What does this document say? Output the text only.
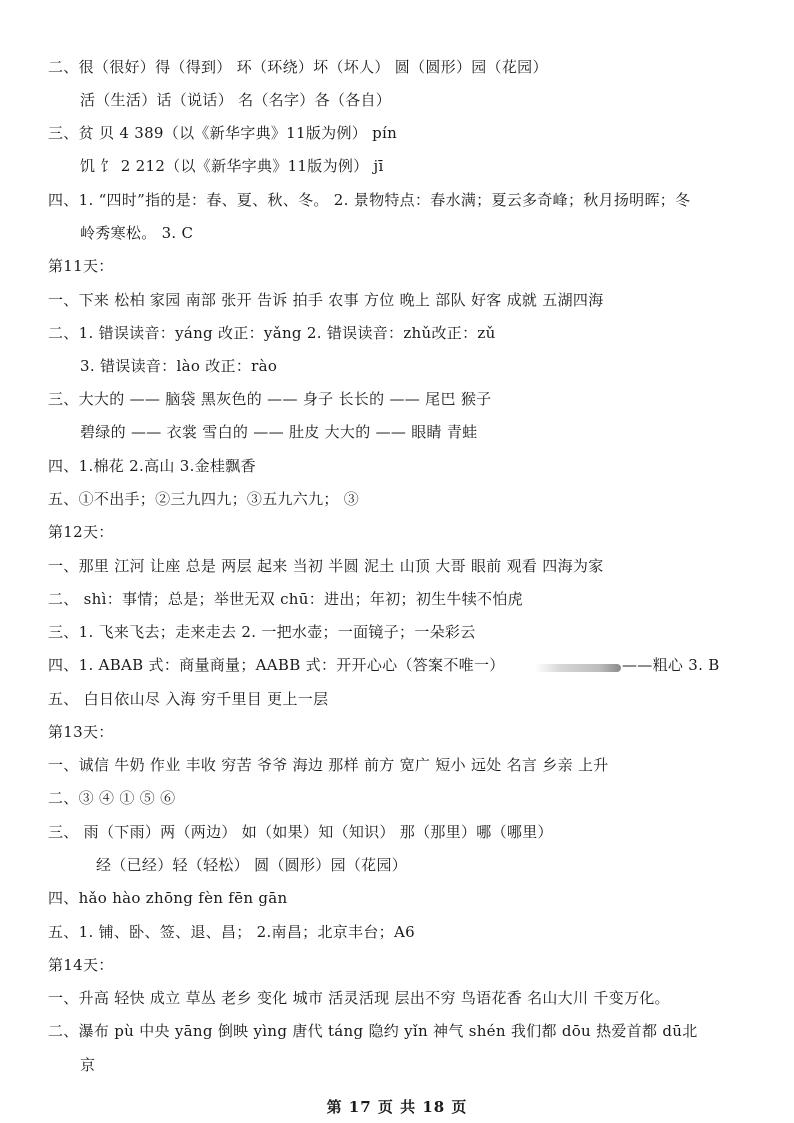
二、很（很好）得（得到） 环（环绕）坏（坏人） 圆（圆形）园（花园）
活（生活）话（说话） 名（名字）各（各自）
三、贫 贝 4 389（以《新华字典》11版为例） pín
饥 饣 2 212（以《新华字典》11版为例） jī
四、1. “四时”指的是：春、夏、秋、冬。 2. 景物特点：春水满；夏云多奇峰；秋月扬明晖；冬
岭秀寒松。 3. C
第11天：
一、下来 松柏 家园 南部 张开 告诉 拍手 农事 方位 晚上 部队 好客 成就 五湖四海
二、1. 错误读音：yáng 改正：yǎng 2. 错误读音：zhǔ改正：zǔ
3. 错误读音：lào 改正：rào
三、大大的 —— 脑袋 黑灰色的 —— 身子 长长的 —— 尾巴 猴子
碧绿的 —— 衣裳 雪白的 —— 肚皮 大大的 —— 眼睛 青蛙
四、1.棉花 2.高山 3.金桂飘香
五、①不出手；②三九四九；③五九六九； ③
第12天：
一、那里 江河 让座 总是 两层 起来 当初 半圆 泥土 山顶 大哥 眼前 观看 四海为家
二、 shì：事情；总是；举世无双 chū：进出；年初；初生牛犊不怕虎
三、1. 飞来飞去；走来走去 2. 一把水壶；一面镜子；一朵彩云
四、1. ABAB 式：商量商量；AABB 式：开开心心（答案不唯一）	——粗心 3. B
五、 白日依山尽 入海 穷千里目 更上一层
第13天：
一、诚信 牛奶 作业 丰收 穷苦 爷爷 海边 那样 前方 宽广 短小 远处 名言 乡亲 上升
二、③ ④ ① ⑤ ⑥
三、 雨（下雨）两（两边） 如（如果）知（知识） 那（那里）哪（哪里）
经（已经）轻（轻松） 圆（圆形）园（花园）
四、hǎo hào zhōng fèn fēn gān
五、1. 铺、卧、签、退、昌； 2.南昌；北京丰台；A6
第14天：
一、升高 轻快 成立 草丛 老乡 变化 城市 活灵活现 层出不穷 鸟语花香 名山大川 千变万化。
二、瀑布 pù 中央 yāng 倒映 yìng 唐代 táng 隐约 yǐn 神气 shén 我们都 dōu 热爱首都 dū北
京
第 17 页 共 18 页
